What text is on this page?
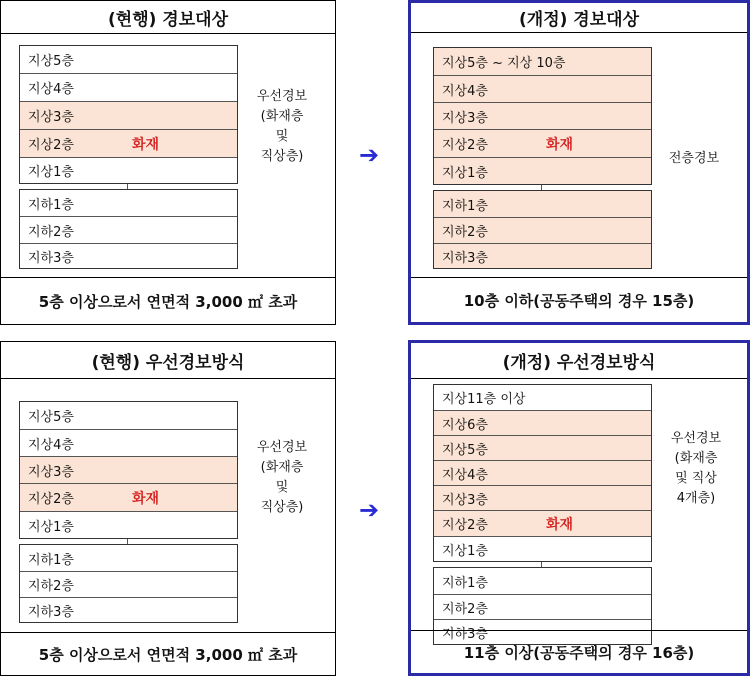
(현행) 경보대상
지상5층
지상4층
지상3층
지상2층	화재
지상1층
지하1층
지하2층
지하3층
우선경보
(화재층
및
직상층)
5층 이상으로서 연면적 3,000 ㎡ 초과
➔
(개정) 경보대상
지상5층 ~ 지상 10층
지상4층
지상3층
지상2층	화재
지상1층
지하1층
지하2층
지하3층
전층경보
10층 이하(공동주택의 경우 15층)
(현행) 우선경보방식
지상5층
지상4층
지상3층
지상2층	화재
지상1층
지하1층
지하2층
지하3층
우선경보
(화재층
및
직상층)
5층 이상으로서 연면적 3,000 ㎡ 초과
➔
(개정) 우선경보방식
지상11층 이상
지상6층
지상5층
지상4층
지상3층
지상2층	화재
지상1층
지하1층
지하2층
지하3층
우선경보
(화재층
및 직상
4개층)
11층 이상(공동주택의 경우 16층)
